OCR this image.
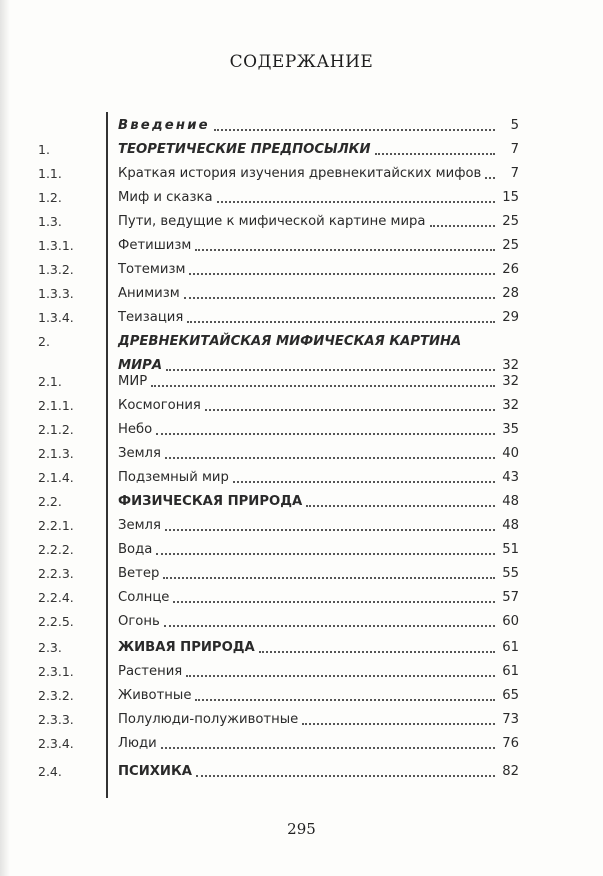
СОДЕРЖАНИЕ
Введение	5
1.	ТЕОРЕТИЧЕСКИЕ ПРЕДПОСЫЛКИ	7
1.1.	Краткая история изучения древнекитайских мифов	7
1.2.	Миф и сказка	15
1.3.	Пути, ведущие к мифической картине мира	25
1.3.1.	Фетишизм	25
1.3.2.	Тотемизм	26
1.3.3.	Анимизм	28
1.3.4.	Теизация	29
2.	ДРЕВНЕКИТАЙСКАЯ МИФИЧЕСКАЯ КАРТИНА
МИРА	32
2.1.	МИР	32
2.1.1.	Космогония	32
2.1.2.	Небо	35
2.1.3.	Земля	40
2.1.4.	Подземный мир	43
2.2.	ФИЗИЧЕСКАЯ ПРИРОДА	48
2.2.1.	Земля	48
2.2.2.	Вода	51
2.2.3.	Ветер	55
2.2.4.	Солнце	57
2.2.5.	Огонь	60
2.3.	ЖИВАЯ ПРИРОДА	61
2.3.1.	Растения	61
2.3.2.	Животные	65
2.3.3.	Полулюди-полуживотные	73
2.3.4.	Люди	76
2.4.	ПСИХИКА	82
295
